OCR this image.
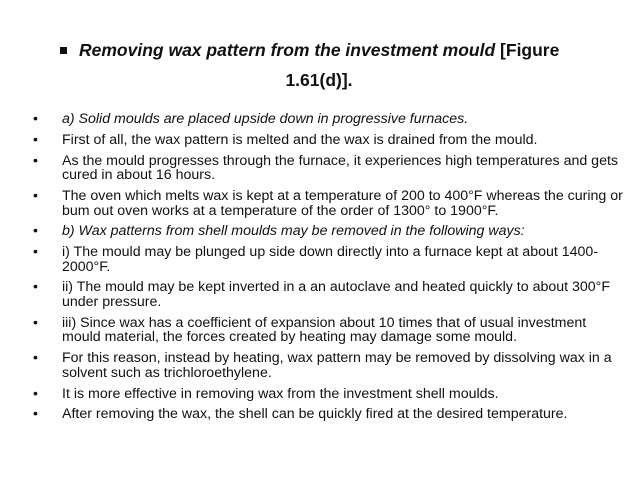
Removing wax pattern from the investment mould [Figure
1.61(d)].
• a) Solid moulds are placed upside down in progressive furnaces.
• First of all, the wax pattern is melted and the wax is drained from the mould.
• As the mould progresses through the furnace, it experiences high temperatures and gets cured in about 16 hours.
• The oven which melts wax is kept at a temperature of 200 to 400°F whereas the curing or bum out oven works at a temperature of the order of 1300° to 1900°F.
• b) Wax patterns from shell moulds may be removed in the following ways:
• i) The mould may be plunged up side down directly into a furnace kept at about 1400- 2000°F.
• ii) The mould may be kept inverted in a an autoclave and heated quickly to about 300°F under pressure.
• iii) Since wax has a coefficient of expansion about 10 times that of usual investment mould material, the forces created by heating may damage some mould.
• For this reason, instead by heating, wax pattern may be removed by dissolving wax in a solvent such as trichloroethylene.
• It is more effective in removing wax from the investment shell moulds.
• After removing the wax, the shell can be quickly fired at the desired temperature.
